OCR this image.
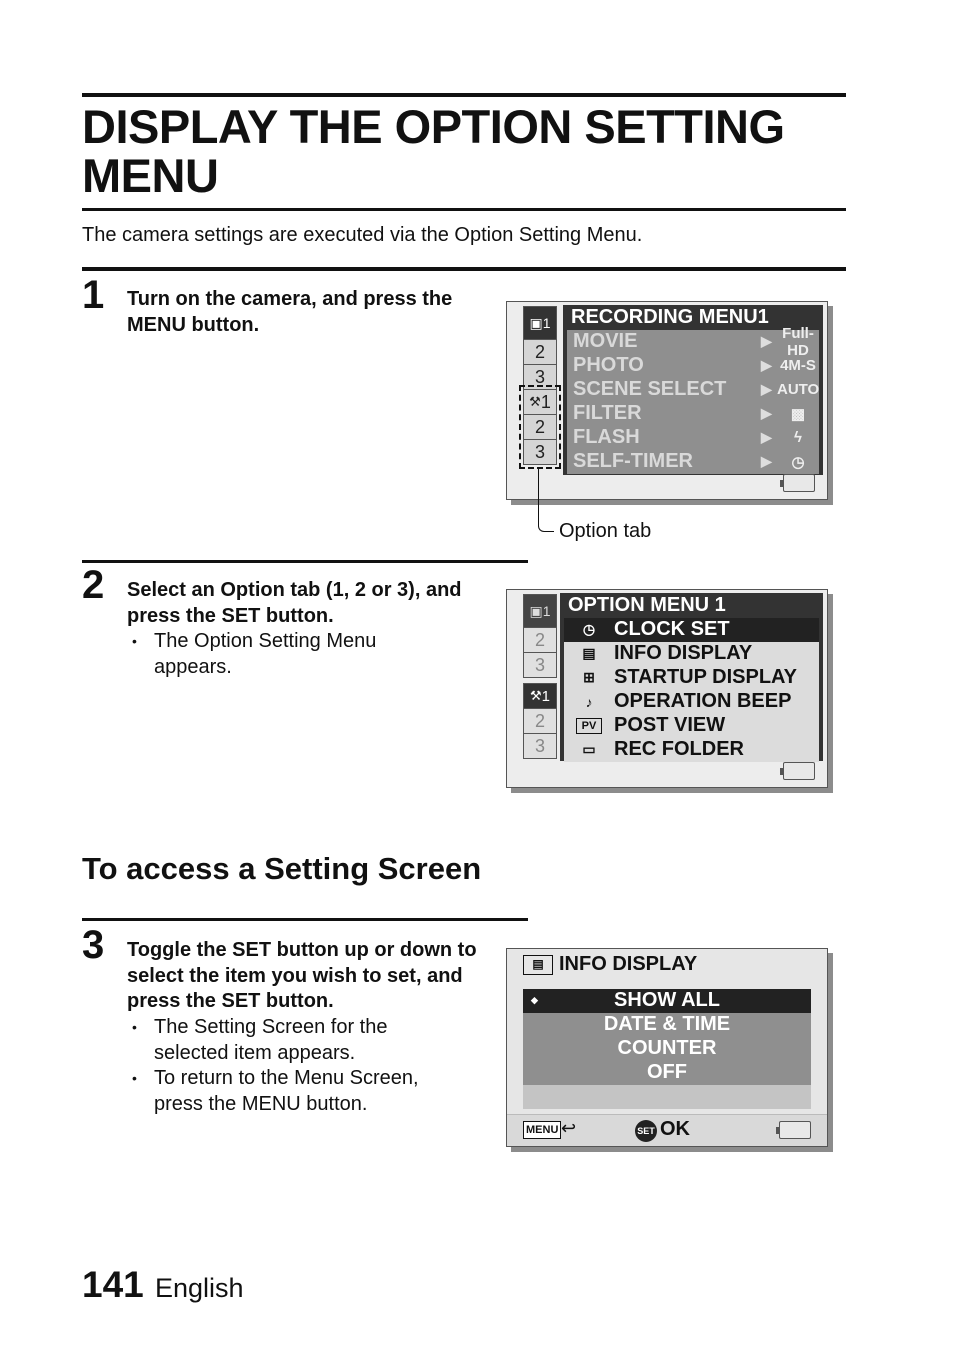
DISPLAY THE OPTION SETTING MENU

The camera settings are executed via the Option Setting Menu.

1 Turn on the camera, and press the MENU button.	▣ 1
2
3
⚒ 1
2
3
RECORDING MENU1
MOVIE	▶ Full-HD
PHOTO	▶ 4M-S
SCENE SELECT ▶ AUTO
FILTER	▶	▩
FLASH	▶	ϟ
SELF-TIMER	▶	◷
Option tab
2 Select an Option tab (1, 2 or 3), and press the SET button.

• The Option Setting Menu appears.
▣ 1
2
3
⚒ 1
2
3
OPTION MENU 1
◷ CLOCK SET
▤ INFO DISPLAY
⊞ STARTUP DISPLAY
♪	OPERATION BEEP
PV POST VIEW
▭ REC FOLDER
To access a Setting Screen
3 Toggle the SET button up or down to select the item you wish to set, and press the SET button.

• The Setting Screen for the selected item appears.
• To return to the Menu Screen, press the MENU button.
▤ INFO DISPLAY
◆ SHOW ALL
DATE & TIME
COUNTER
OFF
MENU ↩	SET OK
141 English
